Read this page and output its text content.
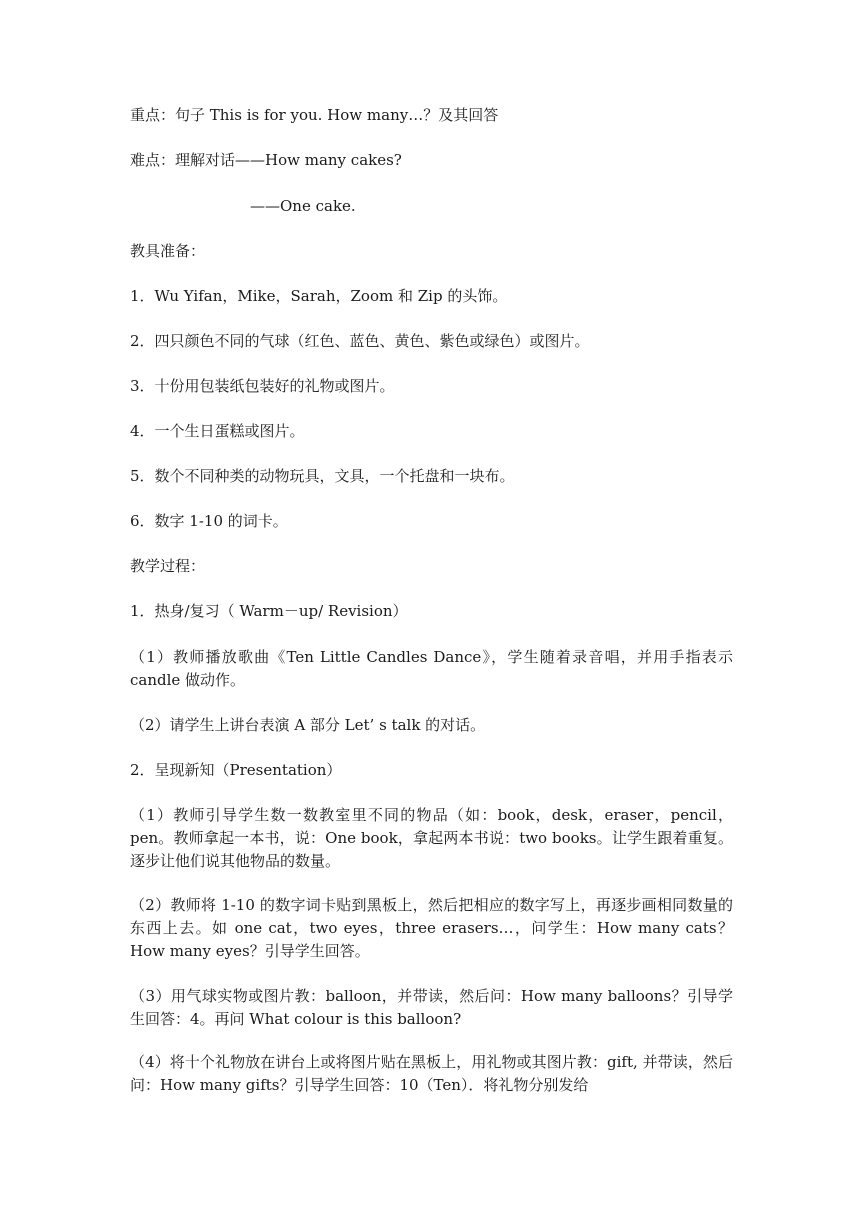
重点：句子 This is for you. How many…？及其回答
难点：理解对话——How many cakes?
——One cake.
教具准备：
1．Wu Yifan，Mike，Sarah，Zoom 和 Zip 的头饰。
2．四只颜色不同的气球（红色、蓝色、黄色、紫色或绿色）或图片。
3．十份用包装纸包装好的礼物或图片。
4．一个生日蛋糕或图片。
5．数个不同种类的动物玩具，文具，一个托盘和一块布。
6．数字 1-10 的词卡。
教学过程：
1．热身/复习（ Warm－up/ Revision）
（1）教师播放歌曲《Ten Little Candles Dance》，学生随着录音唱，并用手指表示 candle 做动作。
（2）请学生上讲台表演 A 部分 Let’ s talk 的对话。
2．呈现新知（Presentation）
（1）教师引导学生数一数教室里不同的物品（如：book，desk，eraser，pencil，pen。教师拿起一本书，说：One book，拿起两本书说：two books。让学生跟着重复。逐步让他们说其他物品的数量。
（2）教师将 1-10 的数字词卡贴到黑板上，然后把相应的数字写上，再逐步画相同数量的东西上去。如 one cat，two eyes，three erasers…，问学生：How many cats？How many eyes？引导学生回答。
（3）用气球实物或图片教：balloon，并带读，然后问：How many balloons？引导学生回答：4。再问 What colour is this balloon?
（4）将十个礼物放在讲台上或将图片贴在黑板上，用礼物或其图片教：gift, 并带读，然后问：How many gifts？引导学生回答：10（Ten）．将礼物分别发给
